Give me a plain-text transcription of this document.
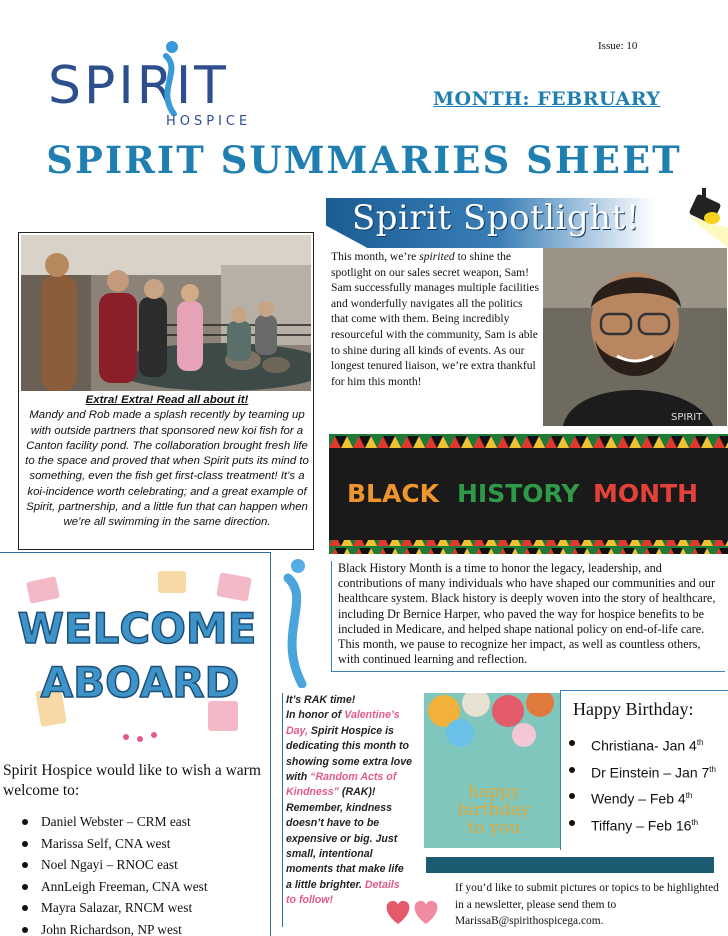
SPIRIT
HOSPICE
Issue: 10
MONTH: FEBRUARY
SPIRIT SUMMARIES SHEET
Extra! Extra! Read all about it!
Mandy and Rob made a splash recently by teaming up with outside partners that sponsored new koi fish for a Canton facility pond. The collaboration brought fresh life to the space and proved that when Spirit puts its mind to something, even the fish get first-class treatment! It’s a koi-incidence worth celebrating; and a great example of Spirit, partnership, and a little fun that can happen when we’re all swimming in the same direction.
Spirit Spotlight!
This month, we’re spirited to shine the spotlight on our sales secret weapon, Sam! Sam successfully manages multiple facilities and wonderfully navigates all the politics that come with them. Being incredibly resourceful with the community, Sam is able to shine during all kinds of events. As our longest tenured liaison, we’re extra thankful for him this month!
SPIRIT
BLACK HISTORY MONTH
Black History Month is a time to honor the legacy, leadership, and contributions of many individuals who have shaped our communities and our healthcare system. Black history is deeply woven into the story of healthcare, including Dr Bernice Harper, who paved the way for hospice benefits to be included in Medicare, and helped shape national policy on end-of-life care. This month, we pause to recognize her impact, as well as countless others, with continued learning and reflection.
WELCOME
ABOARD
Spirit Hospice would like to wish a warm welcome to:
Daniel Webster – CRM east
Marissa Self, CNA west
Noel Ngayi – RNOC east
AnnLeigh Freeman, CNA west
Mayra Salazar, RNCM west
John Richardson, NP west
It’s RAK time!
In honor of Valentine’s Day, Spirit Hospice is dedicating this month to showing some extra love with “Random Acts of Kindness” (RAK)! Remember, kindness doesn’t have to be expensive or big. Just small, intentional moments that make life a little brighter. Details to follow!
happy
birthday
to you
Happy Birthday:
Christiana- Jan 4th
Dr Einstein – Jan 7th
Wendy – Feb 4th
Tiffany – Feb 16th
If you’d like to submit pictures or topics to be highlighted in a newsletter, please send them to MarissaB@spirithospicega.com.
